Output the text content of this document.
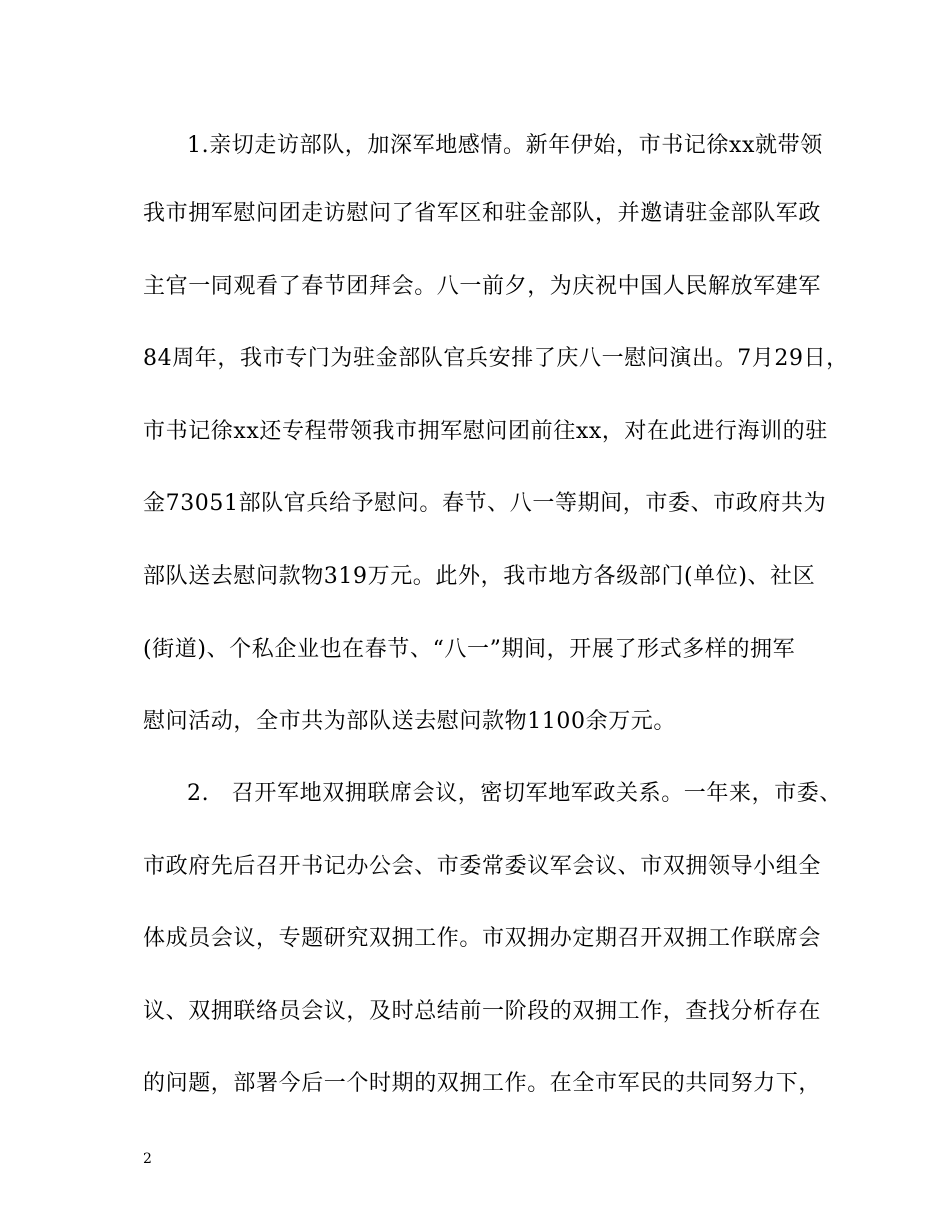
1.亲切走访部队，加深军地感情。新年伊始，市书记徐xx就带领
我市拥军慰问团走访慰问了省军区和驻金部队，并邀请驻金部队军政
主官一同观看了春节团拜会。八一前夕，为庆祝中国人民解放军建军
84周年，我市专门为驻金部队官兵安排了庆八一慰问演出。7月29日，
市书记徐xx还专程带领我市拥军慰问团前往xx，对在此进行海训的驻
金73051部队官兵给予慰问。春节、八一等期间，市委、市政府共为
部队送去慰问款物319万元。此外，我市地方各级部门(单位)、社区
(街道)、个私企业也在春节、“八一”期间，开展了形式多样的拥军
慰问活动，全市共为部队送去慰问款物1100余万元。
2.　召开军地双拥联席会议，密切军地军政关系。一年来，市委、
市政府先后召开书记办公会、市委常委议军会议、市双拥领导小组全
体成员会议，专题研究双拥工作。市双拥办定期召开双拥工作联席会
议、双拥联络员会议，及时总结前一阶段的双拥工作，查找分析存在
的问题，部署今后一个时期的双拥工作。在全市军民的共同努力下，
2
